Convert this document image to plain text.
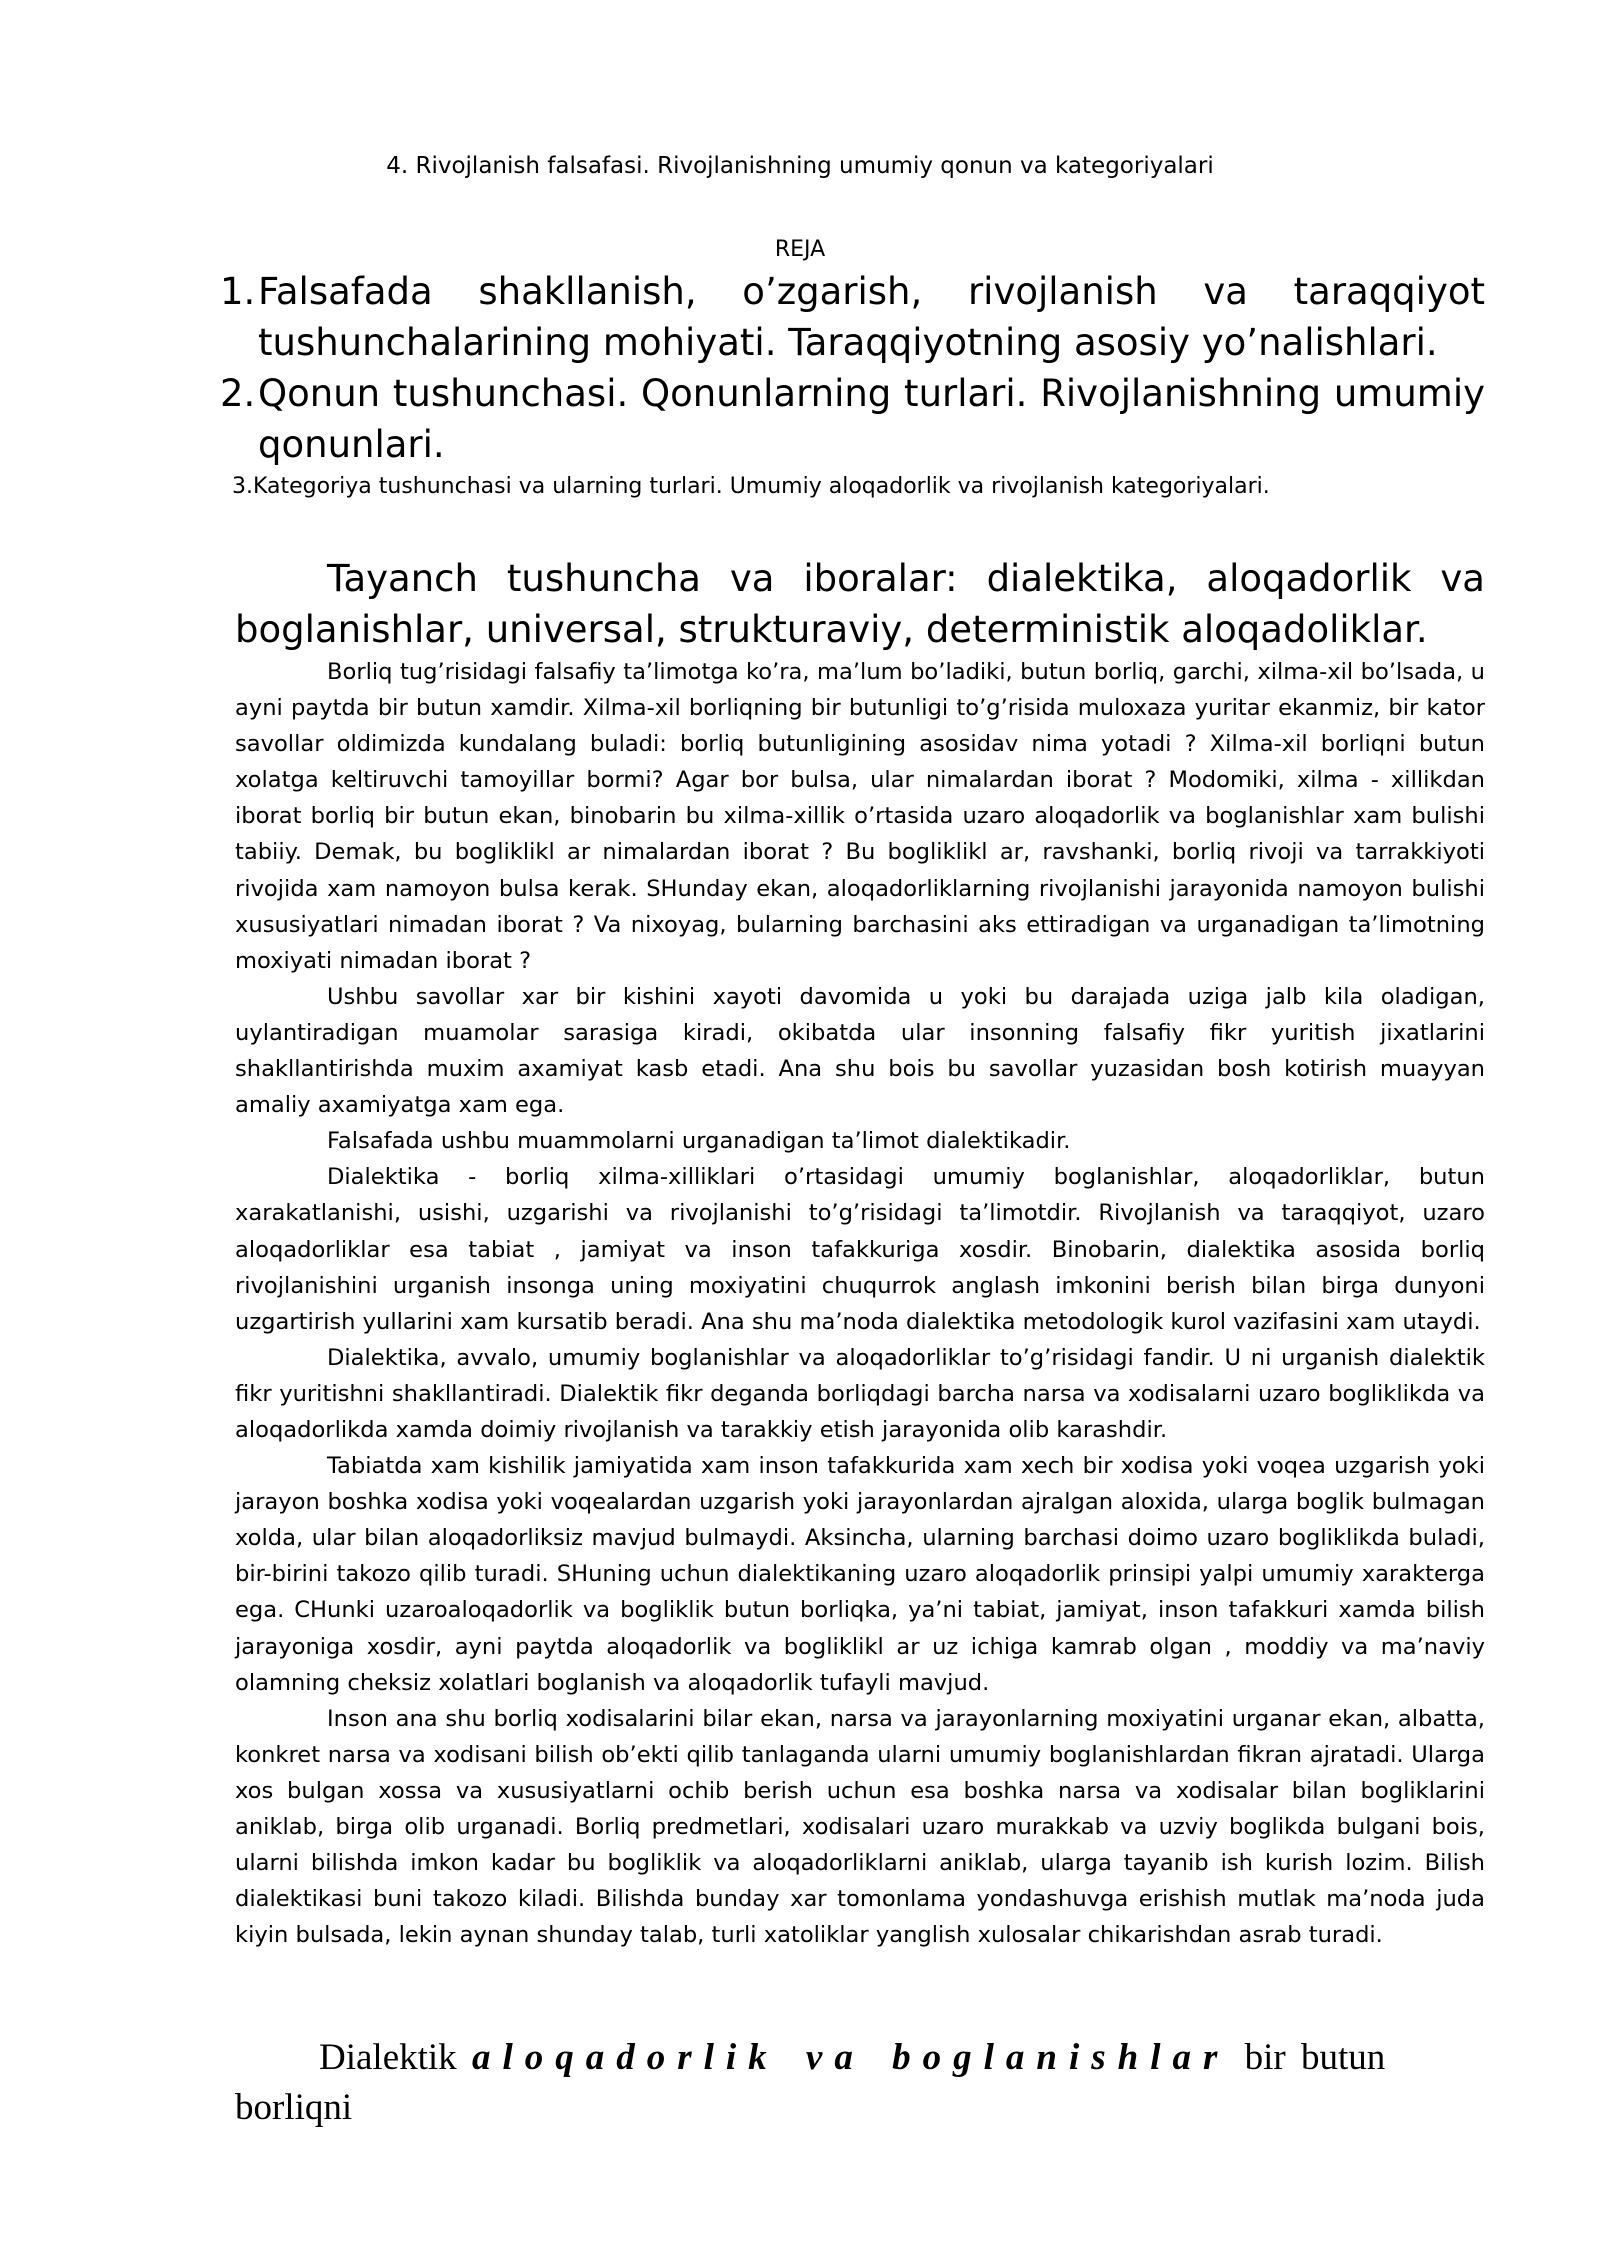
4. Rivojlanish falsafasi. Rivojlanishning umumiy qonun va kategoriyalari
REJA
1. Falsafada shakllanish, o’zgarish, rivojlanish va taraqqiyot tushunchalarining mohiyati. Taraqqiyotning asosiy yo’nalishlari.
2. Qonun tushunchasi. Qonunlarning turlari. Rivojlanishning umumiy qonunlari.
3.Kategoriya tushunchasi va ularning turlari. Umumiy aloqadorlik va rivojlanish kategoriyalari.

Tayanch tushuncha va iboralar: dialektika, aloqadorlik va boglanishlar, universal, strukturaviy, deterministik aloqadoliklar.

Borliq tug’risidagi falsafiy ta’limotga ko’ra, ma’lum bo’ladiki, butun borliq, garchi, xilma-xil bo’lsada, u ayni paytda bir butun xamdir. Xilma-xil borliqning bir butunligi to’g’risida muloxaza yuritar ekanmiz, bir kator savollar oldimizda kundalang buladi: borliq butunligining asosidav nima yotadi ? Xilma-xil borliqni butun xolatga keltiruvchi tamoyillar bormi? Agar bor bulsa, ular nimalardan iborat ? Modomiki, xilma - xillikdan iborat borliq bir butun ekan, binobarin bu xilma-xillik o’rtasida uzaro aloqadorlik va boglanishlar xam bulishi tabiiy. Demak, bu bogliklikl ar nimalardan iborat ? Bu bogliklikl ar, ravshanki, borliq rivoji va tarrakkiyoti rivojida xam namoyon bulsa kerak. SHunday ekan, aloqadorliklarning rivojlanishi jarayonida namoyon bulishi xususiyatlari nimadan iborat ? Va nixoyag, bularning barchasini aks ettiradigan va urganadigan ta’limotning moxiyati nimadan iborat ?

Ushbu savollar xar bir kishini xayoti davomida u yoki bu darajada uziga jalb kila oladigan, uylantiradigan muamolar sarasiga kiradi, okibatda ular insonning falsafiy fikr yuritish jixatlarini shakllantirishda muxim axamiyat kasb etadi. Ana shu bois bu savollar yuzasidan bosh kotirish muayyan amaliy axamiyatga xam ega.

Falsafada ushbu muammolarni urganadigan ta’limot dialektikadir.

Dialektika - borliq xilma-xilliklari o’rtasidagi umumiy boglanishlar, aloqadorliklar, butun xarakatlanishi, usishi, uzgarishi va rivojlanishi to’g’risidagi ta’limotdir. Rivojlanish va taraqqiyot, uzaro aloqadorliklar esa tabiat , jamiyat va inson tafakkuriga xosdir. Binobarin, dialektika asosida borliq rivojlanishini urganish insonga uning moxiyatini chuqurrok anglash imkonini berish bilan birga dunyoni uzgartirish yullarini xam kursatib beradi. Ana shu ma’noda dialektika metodologik kurol vazifasini xam utaydi.

Dialektika, avvalo, umumiy boglanishlar va aloqadorliklar to’g’risidagi fandir. U ni urganish dialektik fikr yuritishni shakllantiradi. Dialektik fikr deganda borliqdagi barcha narsa va xodisalarni uzaro bogliklikda va aloqadorlikda xamda doimiy rivojlanish va tarakkiy etish jarayonida olib karashdir.

Tabiatda xam kishilik jamiyatida xam inson tafakkurida xam xech bir xodisa yoki voqea uzgarish yoki jarayon boshka xodisa yoki voqealardan uzgarish yoki jarayonlardan ajralgan aloxida, ularga boglik bulmagan xolda, ular bilan aloqadorliksiz mavjud bulmaydi. Aksincha, ularning barchasi doimo uzaro bogliklikda buladi, bir-birini takozo qilib turadi. SHuning uchun dialektikaning uzaro aloqadorlik prinsipi yalpi umumiy xarakterga ega. CHunki uzaroaloqadorlik va bogliklik butun borliqka, ya’ni tabiat, jamiyat, inson tafakkuri xamda bilish jarayoniga xosdir, ayni paytda aloqadorlik va bogliklikl ar uz ichiga kamrab olgan , moddiy va ma’naviy olamning cheksiz xolatlari boglanish va aloqadorlik tufayli mavjud.

Inson ana shu borliq xodisalarini bilar ekan, narsa va jarayonlarning moxiyatini urganar ekan, albatta, konkret narsa va xodisani bilish ob’ekti qilib tanlaganda ularni umumiy boglanishlardan fikran ajratadi. Ularga xos bulgan xossa va xususiyatlarni ochib berish uchun esa boshka narsa va xodisalar bilan bogliklarini aniklab, birga olib urganadi. Borliq predmetlari, xodisalari uzaro murakkab va uzviy boglikda bulgani bois, ularni bilishda imkon kadar bu bogliklik va aloqadorliklarni aniklab, ularga tayanib ish kurish lozim. Bilish dialektikasi buni takozo kiladi. Bilishda bunday xar tomonlama yondashuvga erishish mutlak ma’noda juda kiyin bulsada, lekin aynan shunday talab, turli xatoliklar yanglish xulosalar chikarishdan asrab turadi.

Dialektik aloqadorlik va boglanishlar bir butun borliqni
